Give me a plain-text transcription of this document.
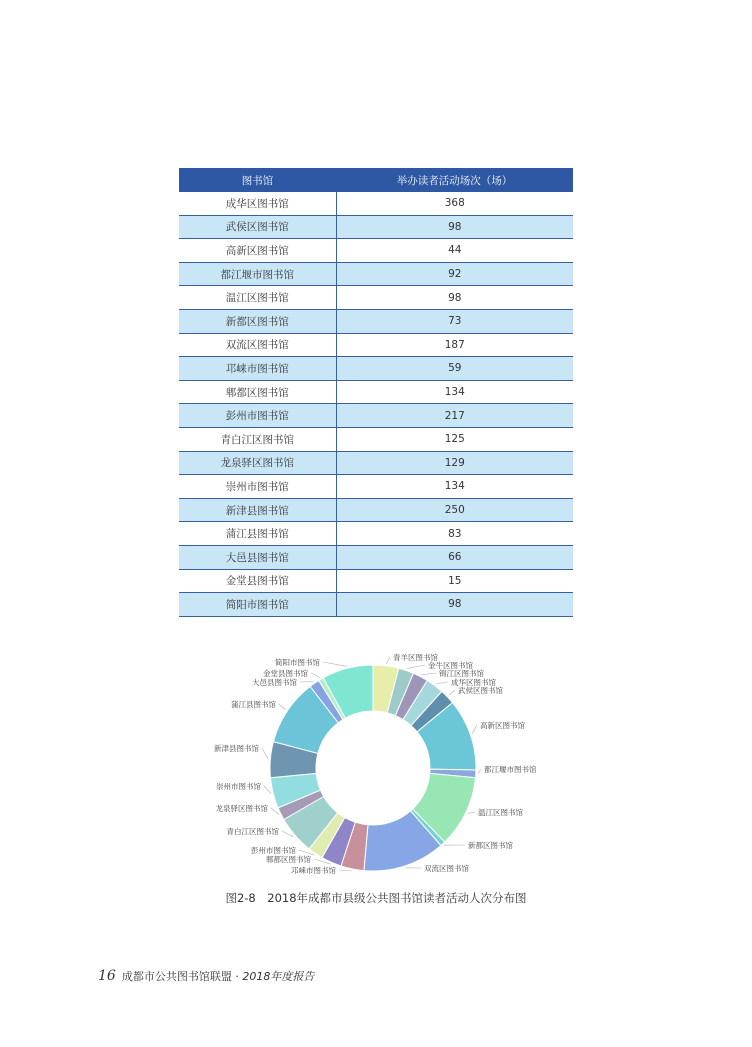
图书馆	举办读者活动场次（场）
成华区图书馆	368
武侯区图书馆	98
高新区图书馆	44
都江堰市图书馆	92
温江区图书馆	98
新都区图书馆	73
双流区图书馆	187
邛崃市图书馆	59
郫都区图书馆	134
彭州市图书馆	217
青白江区图书馆	125
龙泉驿区图书馆	129
崇州市图书馆	134
新津县图书馆	250
蒲江县图书馆	83
大邑县图书馆	66
金堂县图书馆	15
简阳市图书馆	98
青羊区图书馆
金牛区图书馆
锦江区图书馆
成华区图书馆
武侯区图书馆
高新区图书馆
都江堰市图书馆
温江区图书馆
新都区图书馆
双流区图书馆
邛崃市图书馆
郫都区图书馆
彭州市图书馆
青白江区图书馆
龙泉驿区图书馆
崇州市图书馆
新津县图书馆
蒲江县图书馆
大邑县图书馆
金堂县图书馆
简阳市图书馆
图2-8　2018年成都市县级公共图书馆读者活动人次分布图
16 成都市公共图书馆联盟 · 2018年度报告
